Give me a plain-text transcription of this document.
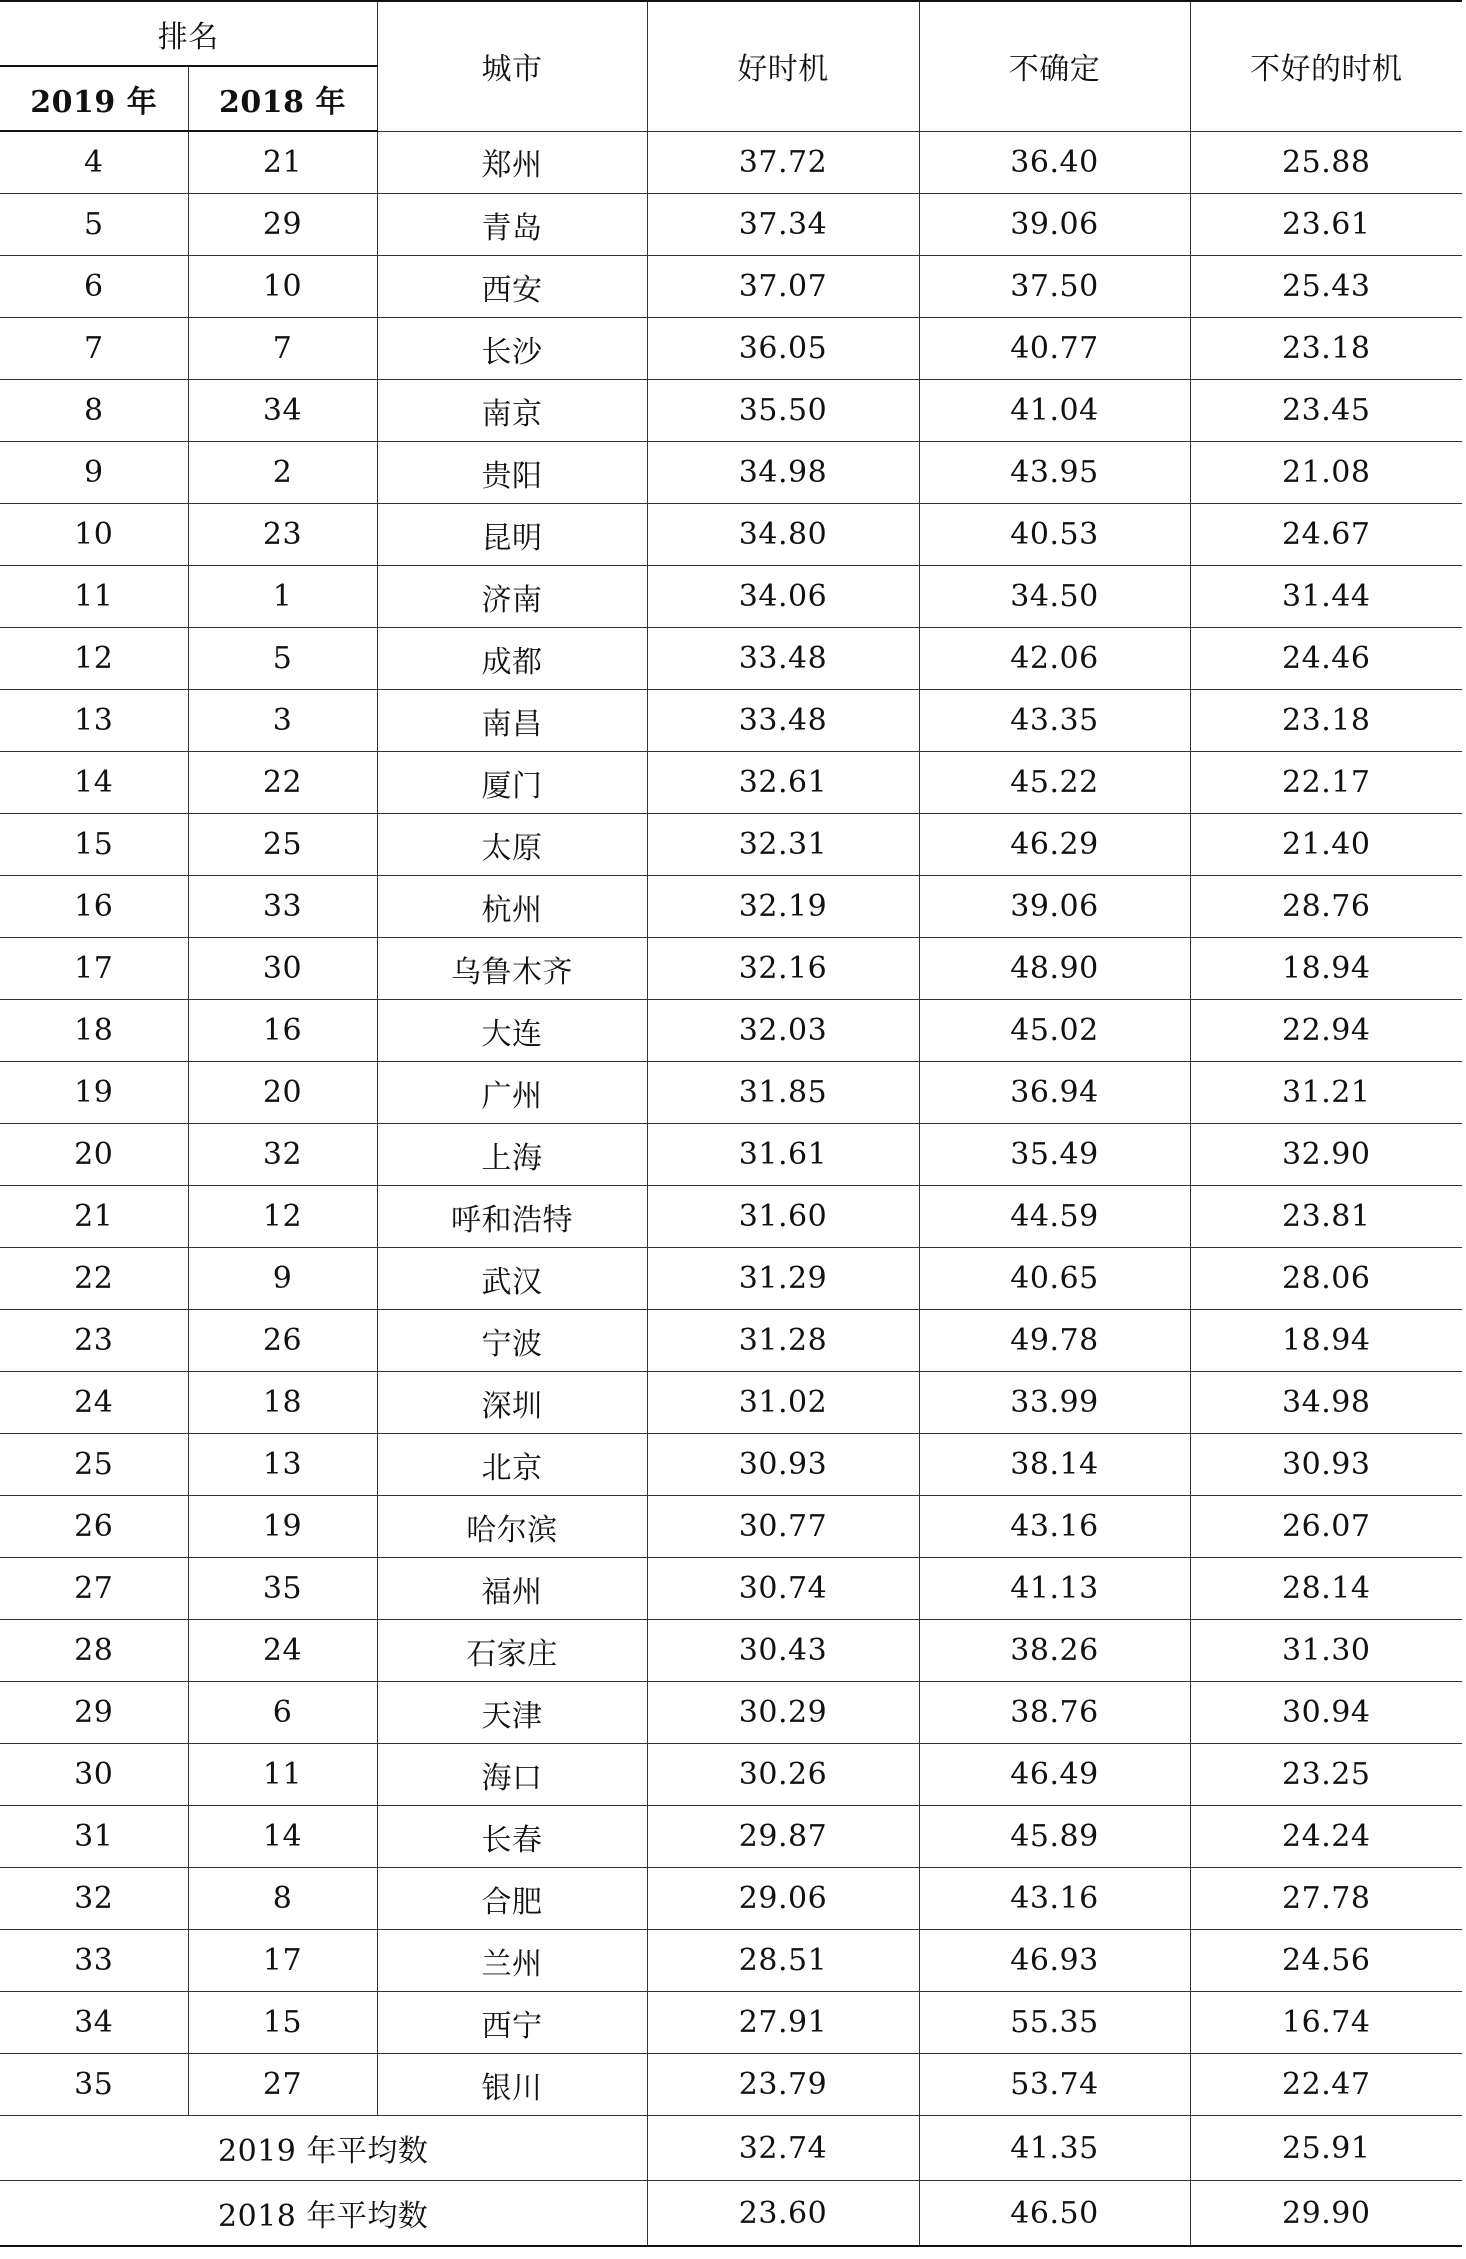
排名		城市	好时机	不确定	不好的时机
2019 年	2018 年				
4	21	郑州	37.72	36.40	25.88
5	29	青岛	37.34	39.06	23.61
6	10	西安	37.07	37.50	25.43
7	7	长沙	36.05	40.77	23.18
8	34	南京	35.50	41.04	23.45
9	2	贵阳	34.98	43.95	21.08
10	23	昆明	34.80	40.53	24.67
11	1	济南	34.06	34.50	31.44
12	5	成都	33.48	42.06	24.46
13	3	南昌	33.48	43.35	23.18
14	22	厦门	32.61	45.22	22.17
15	25	太原	32.31	46.29	21.40
16	33	杭州	32.19	39.06	28.76
17	30	乌鲁木齐	32.16	48.90	18.94
18	16	大连	32.03	45.02	22.94
19	20	广州	31.85	36.94	31.21
20	32	上海	31.61	35.49	32.90
21	12	呼和浩特	31.60	44.59	23.81
22	9	武汉	31.29	40.65	28.06
23	26	宁波	31.28	49.78	18.94
24	18	深圳	31.02	33.99	34.98
25	13	北京	30.93	38.14	30.93
26	19	哈尔滨	30.77	43.16	26.07
27	35	福州	30.74	41.13	28.14
28	24	石家庄	30.43	38.26	31.30
29	6	天津	30.29	38.76	30.94
30	11	海口	30.26	46.49	23.25
31	14	长春	29.87	45.89	24.24
32	8	合肥	29.06	43.16	27.78
33	17	兰州	28.51	46.93	24.56
34	15	西宁	27.91	55.35	16.74
35	27	银川	23.79	53.74	22.47
2019 年平均数			32.74	41.35	25.91
2018 年平均数			23.60	46.50	29.90
